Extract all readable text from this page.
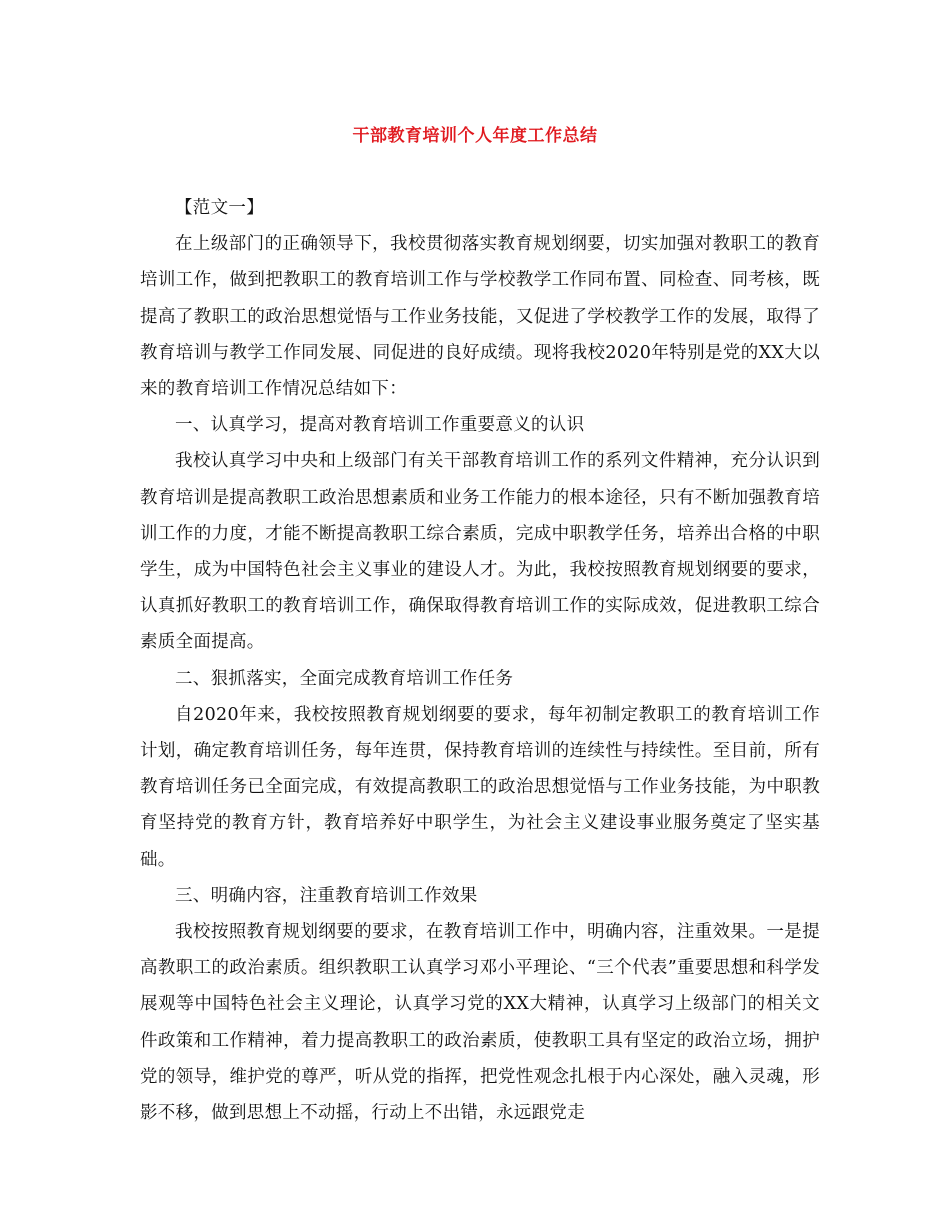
干部教育培训个人年度工作总结

【范文一】

在上级部门的正确领导下，我校贯彻落实教育规划纲要，切实加强对教职工的教育培训工作，做到把教职工的教育培训工作与学校教学工作同布置、同检查、同考核，既提高了教职工的政治思想觉悟与工作业务技能，又促进了学校教学工作的发展，取得了教育培训与教学工作同发展、同促进的良好成绩。现将我校2020年特别是党的XX大以来的教育培训工作情况总结如下：

一、认真学习，提高对教育培训工作重要意义的认识

我校认真学习中央和上级部门有关干部教育培训工作的系列文件精神，充分认识到教育培训是提高教职工政治思想素质和业务工作能力的根本途径，只有不断加强教育培训工作的力度，才能不断提高教职工综合素质，完成中职教学任务，培养出合格的中职学生，成为中国特色社会主义事业的建设人才。为此，我校按照教育规划纲要的要求，认真抓好教职工的教育培训工作，确保取得教育培训工作的实际成效，促进教职工综合素质全面提高。

二、狠抓落实，全面完成教育培训工作任务

自2020年来，我校按照教育规划纲要的要求，每年初制定教职工的教育培训工作计划，确定教育培训任务，每年连贯，保持教育培训的连续性与持续性。至目前，所有教育培训任务已全面完成，有效提高教职工的政治思想觉悟与工作业务技能，为中职教育坚持党的教育方针，教育培养好中职学生，为社会主义建设事业服务奠定了坚实基础。

三、明确内容，注重教育培训工作效果

我校按照教育规划纲要的要求，在教育培训工作中，明确内容，注重效果。一是提高教职工的政治素质。组织教职工认真学习邓小平理论、“三个代表”重要思想和科学发展观等中国特色社会主义理论，认真学习党的XX大精神，认真学习上级部门的相关文件政策和工作精神，着力提高教职工的政治素质，使教职工具有坚定的政治立场，拥护党的领导，维护党的尊严，听从党的指挥，把党性观念扎根于内心深处，融入灵魂，形影不移，做到思想上不动摇，行动上不出错，永远跟党走
